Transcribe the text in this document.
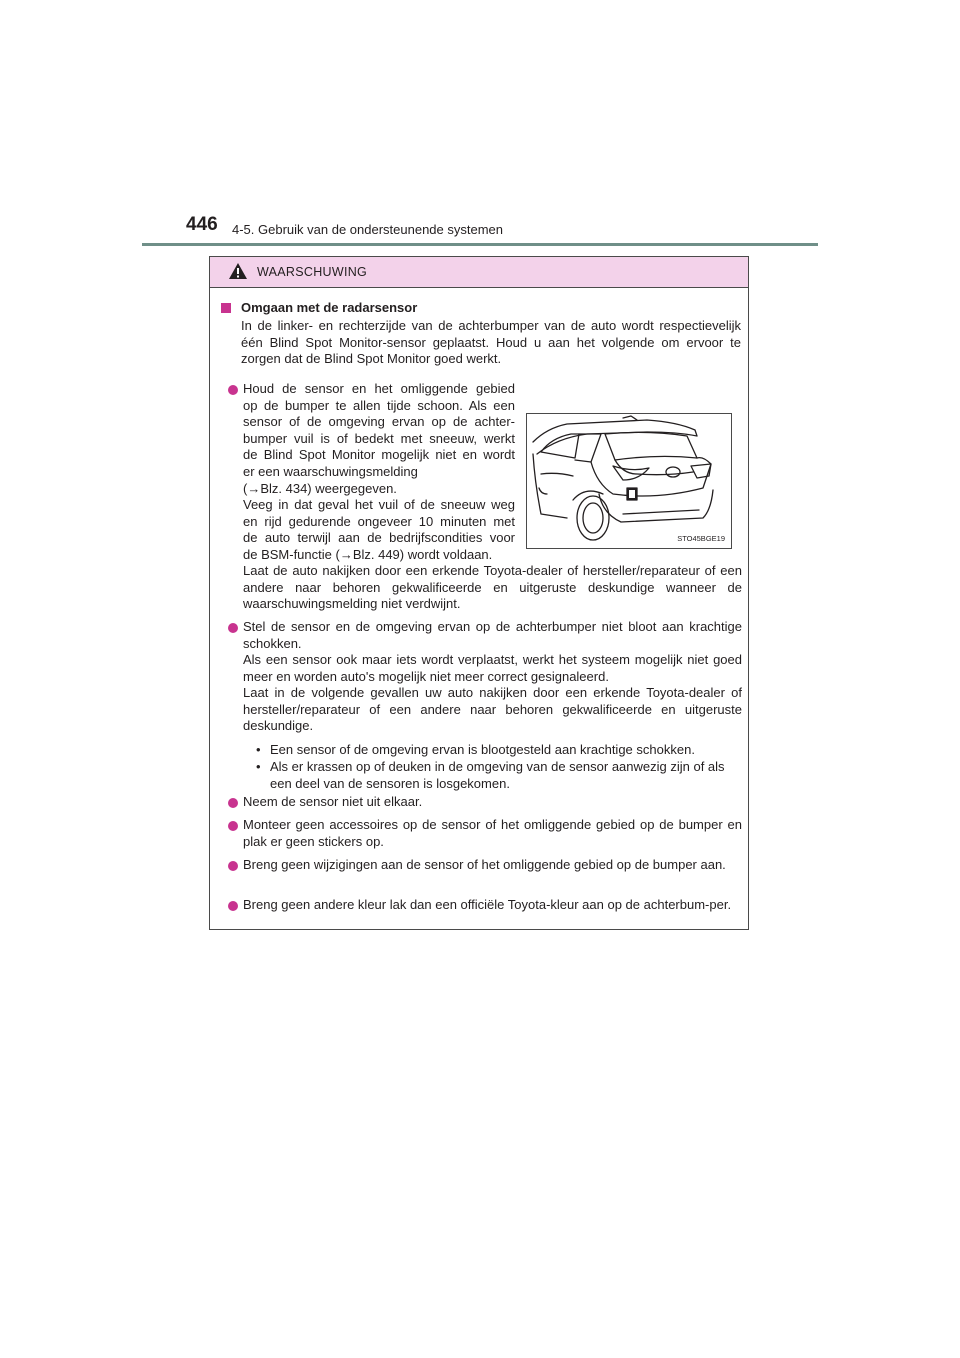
446 4-5. Gebruik van de ondersteunende systemen
WAARSCHUWING
Omgaan met de radarsensor
In de linker- en rechterzijde van de achterbumper van de auto wordt respectievelijk één Blind Spot Monitor-sensor geplaatst. Houd u aan het volgende om ervoor te zorgen dat de Blind Spot Monitor goed werkt.
Houd de sensor en het omliggende gebied
op de bumper te allen tijde schoon. Als een
sensor of de omgeving ervan op de achter-
bumper vuil is of bedekt met sneeuw, werkt
de Blind Spot Monitor mogelijk niet en wordt
er een waarschuwingsmelding
(→Blz. 434) weergegeven.
Veeg in dat geval het vuil of de sneeuw weg
en rijd gedurende ongeveer 10 minuten met
de auto terwijl aan de bedrijfscondities voor
de BSM-functie (→Blz. 449) wordt voldaan.
STO45BGE19
Laat de auto nakijken door een erkende Toyota-dealer of hersteller/reparateur of een andere naar behoren gekwalificeerde en uitgeruste deskundige wanneer de waarschuwingsmelding niet verdwijnt.
Stel de sensor en de omgeving ervan op de achterbumper niet bloot aan krachtige schokken.
Als een sensor ook maar iets wordt verplaatst, werkt het systeem mogelijk niet goed meer en worden auto's mogelijk niet meer correct gesignaleerd.
Laat in de volgende gevallen uw auto nakijken door een erkende Toyota-dealer of hersteller/reparateur of een andere naar behoren gekwalificeerde en uitgeruste deskundige.
• Een sensor of de omgeving ervan is blootgesteld aan krachtige schokken.
• Als er krassen op of deuken in de omgeving van de sensor aanwezig zijn of als een deel van de sensoren is losgekomen.
Neem de sensor niet uit elkaar.
Monteer geen accessoires op de sensor of het omliggende gebied op de bumper en plak er geen stickers op.
Breng geen wijzigingen aan de sensor of het omliggende gebied op de bumper aan.
Breng geen andere kleur lak dan een officiële Toyota-kleur aan op de achterbum-per.
